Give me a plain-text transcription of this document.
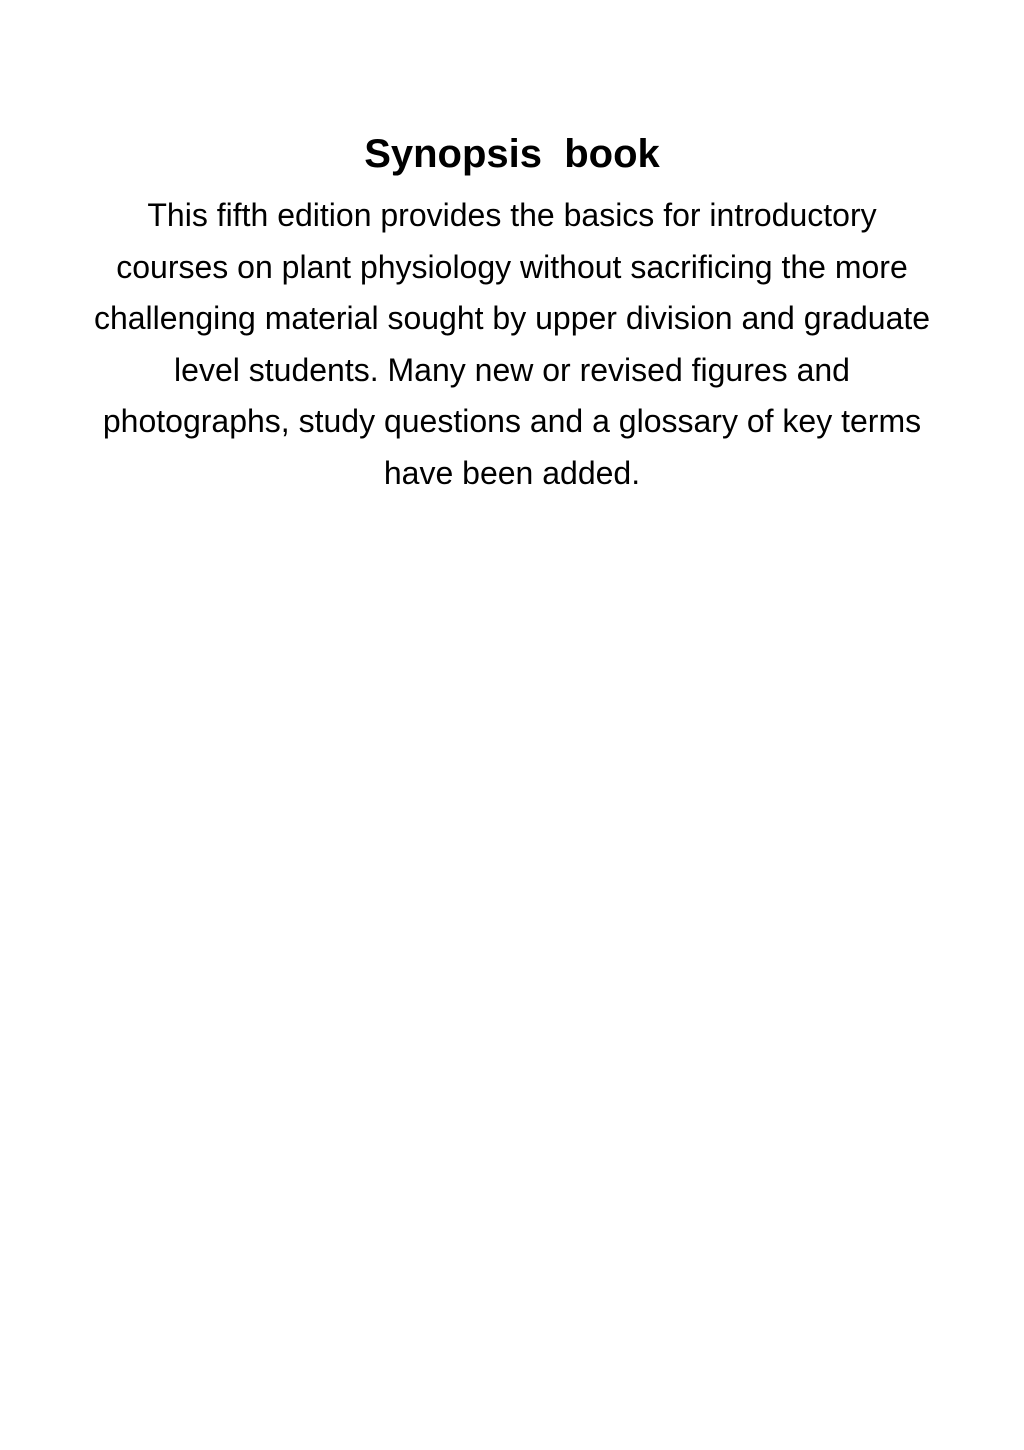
Synopsis  book
This fifth edition provides the basics for introductory
courses on plant physiology without sacrificing the more
challenging material sought by upper division and graduate
level students. Many new or revised figures and
photographs, study questions and a glossary of key terms
have been added.
